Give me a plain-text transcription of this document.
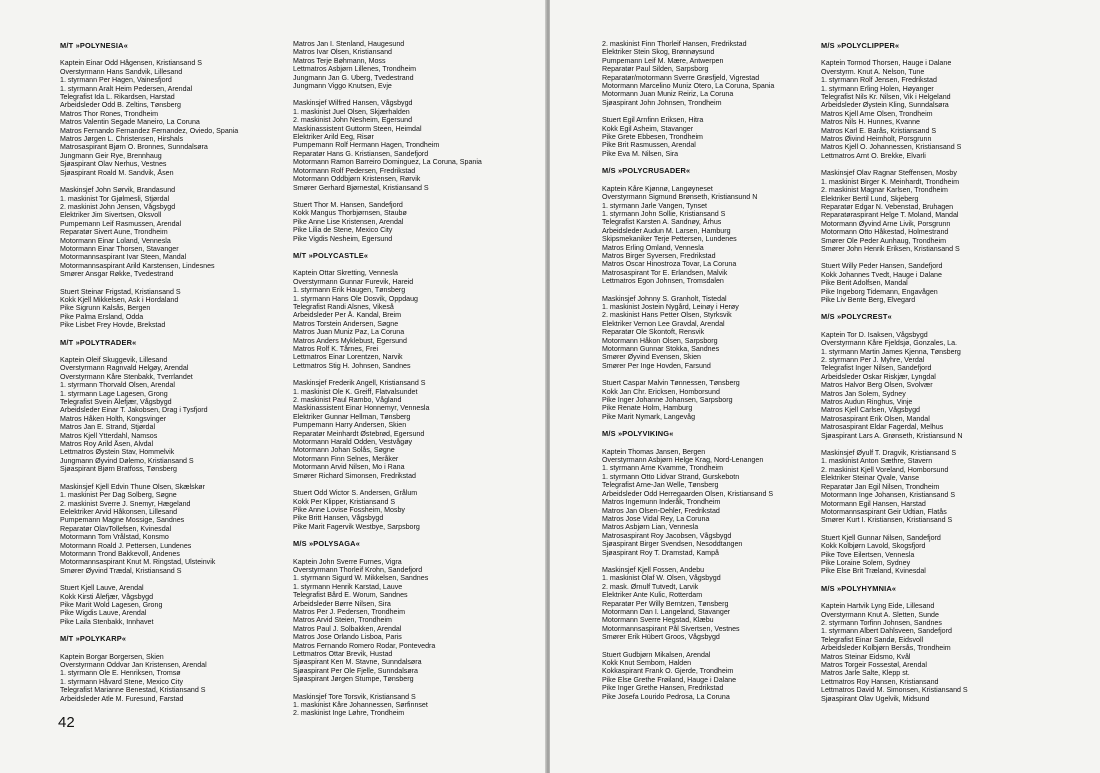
M/T »POLYNESIA«
Kaptein Einar Odd Hågensen, Kristiansand S
Overstyrmann Hans Sandvik, Lillesand
1. styrmann Per Hagen, Vainesfjord
1. styrmann Aralt Heim Pedersen, Arendal
Telegrafist Ida L. Rikardsen, Harstad
Arbeidsleder Odd B. Zeltins, Tønsberg
Matros Thor Rones, Trondheim
Matros Valentin Segade Maneiro, La Coruna
Matros Fernando Fernandez Fernandez, Oviedo, Spania
Matros Jørgen L. Christensen, Hirshals
Matrosaspirant Bjørn O. Bronnes, Sunndalsøra
Jungmann Geir Rye, Brennhaug
Sjøaspirant Olav Nerhus, Vestnes
Sjøaspirant Roald M. Sandvik, Åsen
Maskinsjef John Sørvik, Brandasund
1. maskinist Tor Gjølmesli, Stjørdal
2. maskinist John Jensen, Vågsbygd
Elektriker Jim Sivertsen, Oksvoll
Pumpemann Leif Rasmussen, Arendal
Reparatør Sivert Aune, Trondheim
Motormann Einar Loland, Vennesla
Motormann Einar Thorsen, Stavanger
Motormannsaspirant Ivar Steen, Mandal
Motormannsaspirant Arild Karstensen, Lindesnes
Smører Ansgar Røkke, Tvedestrand
Stuert Steinar Frigstad, Kristiansand S
Kokk Kjell Mikkelsen, Ask i Hordaland
Pike Sigrunn Kalsås, Bergen
Pike Palma Ersland, Odda
Pike Lisbet Frey Hovde, Brekstad
M/T »POLYTRADER«
Kaptein Oleif Skuggevik, Lillesand
Overstyrmann Ragnvald Helgøy, Arendal
Overstyrmann Kåre Stenbakk, Tverrlandet
1. styrmann Thorvald Olsen, Arendal
1. styrmann Lage Lagesen, Grong
Telegrafist Svein Ålefjær, Vågsbygd
Arbeidsleder Einar T. Jakobsen, Drag i Tysfjord
Matros Håken Holth, Kongsvinger
Matros Jan E. Strand, Stjørdal
Matros Kjell Ytterdahl, Namsos
Matros Roy Arild Åsen, Alvdal
Lettmatros Øystein Stav, Hommelvik
Jungmann Øyvind Dølemo, Kristiansand S
Sjøaspirant Bjørn Bratfoss, Tønsberg
Maskinsjef Kjell Edvin Thune Olsen, Skælskør
1. maskinist Per Dag Solberg, Søgne
2. maskinist Sverre J. Snemyr, Hægeland
Eelektriker Arvid Håkonsen, Lillesand
Pumpemann Magne Mossige, Sandnes
Reparatør OlavTollefsen, Kvinesdal
Motormann Tom Vrålstad, Konsmo
Motormann Roald J. Pettersen, Lundenes
Motormann Trond Bakkevoll, Andenes
Motormannsaspirant Knut M. Ringstad, Ulsteinvik
Smører Øyvind Trædal, Kristiansand S
Stuert Kjell Lauve, Arendal
Kokk Kirsti Ålefjær, Vågsbygd
Pike Marit Wold Lagesen, Grong
Pike Wigdis Lauve, Arendal
Pike Laila Stenbakk, Innhavet
M/T »POLYKARP«
Kaptein Borgar Borgersen, Skien
Overstyrmann Oddvar Jan Kristensen, Arendal
1. styrmann Ole E. Henriksen, Tromsø
1. styrmann Håvard Stene, Mexico City
Telegrafist Marianne Benestad, Kristiansand S
Arbeidsleder Atle M. Furesund, Farstad
Matros Jan I. Stenland, Haugesund
Matros Ivar Olsen, Kristiansand
Matros Terje Bøhmann, Moss
Lettmatros Asbjørn Lillenes, Trondheim
Jungmann Jan G. Uberg, Tvedestrand
Jungmann Viggo Knutsen, Evje
Maskinsjef Wilfred Hansen, Vågsbygd
1. maskinist Juel Olsen, Skjærhalden
2. maskinist John Nesheim, Egersund
Maskinassistent Guttorm Steen, Heimdal
Elektriker Arild Eeg, Risør
Pumpemann Rolf Hermann Hagen, Trondheim
Reparatør Hans G. Kristiansen, Sandefjord
Motormann Ramon Barreiro Dominguez, La Coruna, Spania
Motormann Rolf Pedersen, Fredrikstad
Motormann Oddbjørn Kristensen, Rørvik
Smører Gerhard Bjørnestøl, Kristiansand S
Stuert Thor M. Hansen, Sandefjord
Kokk Mangus Thorbjørnsen, Staubø
Pike Anne Lise Kristensen, Arendal
Pike Lilia de Stene, Mexico City
Pike Vigdis Nesheim, Egersund
M/T »POLYCASTLE«
Kaptein Ottar Skretting, Vennesla
Overstyrmann Gunnar Furevik, Hareid
1. styrmann Erik Haugen, Tønsberg
1. styrmann Hans Ole Dosvik, Oppdaug
Telegrafist Randi Alsnes, Vikeså
Arbeidsleder Per Å. Kandal, Breim
Matros Torstein Andersen, Søgne
Matros Juan Muniz Paz, La Coruna
Matros Anders Myklebust, Egersund
Matros Rolf K. Tårnes, Frei
Lettmatros Einar Lorentzen, Narvik
Lettmatros Stig H. Johnsen, Sandnes
Maskinsjef Frederik Angell, Kristiansand S
1. maskinist Ole K. Greiff, Flatvalsundet
2. maskinist Paul Rambo, Vågland
Maskinassistent Einar Honnemyr, Vennesla
Elektriker Gunnar Hellman, Tønsberg
Pumpemann Harry Andersen, Skien
Reparatør Meinhardt Østebrød, Egersund
Motormann Harald Odden, Vestvågøy
Motormann Johan Solås, Søgne
Motormann Finn Selnes, Meråker
Motormann Arvid Nilsen, Mo i Rana
Smører Richard Simonsen, Fredrikstad
Stuert Odd Wictor S. Andersen, Grålum
Kokk Per Klipper, Kristiansand S
Pike Anne Lovise Fossheim, Mosby
Pike Britt Hansen, Vågsbygd
Pike Marit Fagervik Westbye, Sarpsborg
M/S »POLYSAGA«
Kaptein John Sverre Furnes, Vigra
Overstyrmann Thorleif Krohn, Sandefjord
1. styrmann Sigurd W. Mikkelsen, Sandnes
1. styrmann Henrik Karstad, Lauve
Telegrafist Bård E. Worum, Sandnes
Arbeidsleder Børre Nilsen, Sira
Matros Per J. Pedersen, Trondheim
Matros Arvid Steien, Trondheim
Matros Paul J. Solbakken, Arendal
Matros Jose Orlando Lisboa, Paris
Matros Fernando Romero Rodar, Pontevedra
Lettmatros Ottar Brevik, Hustad
Sjøaspirant Ken M. Stavne, Sunndalsøra
Sjøaspirant Per Ole Fjelle, Sunndalsøra
Sjøaspirant Jørgen Stumpe, Tønsberg
Maskinsjef Tore Torsvik, Kristiansand S
1. maskinist Kåre Johannessen, Sørfinnset
2. maskinist Inge Løhre, Trondheim
42
2. maskinist Finn Thorleif Hansen, Fredrikstad
Elektriker Stein Skog, Brønnøysund
Pumpemann Leif M. Mære, Antwerpen
Reparatør Paul Silden, Sarpsborg
Reparatør/motormann Sverre Grøsfjeld, Vigrestad
Motormann Marcelino Muniz Otero, La Coruna, Spania
Motormann Juan Muniz Reiriz, La Coruna
Sjøaspirant John Johnsen, Trondheim
Stuert Egil Arnfinn Eriksen, Hitra
Kokk Egil Asheim, Stavanger
Pike Grete Ebbesen, Trondheim
Pike Brit Rasmussen, Arendal
Pike Eva M. Nilsen, Sira
M/S »POLYCRUSADER«
Kaptein Kåre Kjønnø, Langøyneset
Overstyrmann Sigmund Brønseth, Kristiansund N
1. styrmann Jarle Vangen, Tynset
1. styrmann John Sollie, Kristiansand S
Telegrafist Karsten A. Sandnøy, Århus
Arbeidsleder Audun M. Larsen, Hamburg
Skipsmekaniker Terje Pettersen, Lundenes
Matros Erling Omland, Vennesla
Matros Birger Syversen, Fredrikstad
Matros Oscar Hinostroza Tovar, La Coruna
Matrosaspirant Tor E. Erlandsen, Malvik
Lettmatros Egon Johnsen, Tromsdalen
Maskinsjef Johnny S. Granholt, Tistedal
1. maskinist Jostein Nygård, Leinøy i Herøy
2. maskinist Hans Petter Olsen, Styrksvik
Elektriker Vernon Lee Gravdal, Arendal
Reparatør Ole Skontoft, Rensvik
Motormann Håkon Olsen, Sarpsborg
Motormann Gunnar Stokka, Sandnes
Smører Øyvind Evensen, Skien
Smører Per Inge Hovden, Farsund
Stuert Caspar Malvin Tønnessen, Tønsberg
Kokk Jan Chr. Ericksen, Homborsund
Pike Inger Johanne Johansen, Sarpsborg
Pike Renate Holm, Hamburg
Pike Marit Nymark, Langevåg
M/S »POLYVIKING«
Kaptein Thomas Jansen, Bergen
Overstyrmann Asbjørn Helge Krag, Nord-Lenangen
1. styrmann Arne Kvamme, Trondheim
1. styrmann Otto Lidvar Strand, Gurskebotn
Telegrafist Arne-Jan Welle, Tønsberg
Arbeidsleder Odd Herregaarden Olsen, Kristiansand S
Matros Ingemunn Inderåk, Trondheim
Matros Jan Olsen-Dehler, Fredrikstad
Matros Jose Vidal Rey, La Coruna
Matros Asbjørn Lian, Vennesla
Matrosaspirant Roy Jacobsen, Vågsbygd
Sjøaspirant Birger Svendsen, Nesoddtangen
Sjøaspirant Roy T. Dramstad, Kampå
Maskinsjef Kjell Fossen, Andebu
1. maskinist Olaf W. Olsen, Vågsbygd
2. mask. Ørnulf Tutvedt, Larvik
Elektriker Ante Kulic, Rotterdam
Reparatør Per Willy Berntzen, Tønsberg
Motormann Dan I. Langeland, Stavanger
Motormann Sverre Hegstad, Klæbu
Motormannsaspirant Pål Sivertsen, Vestnes
Smører Erik Hübert Groos, Vågsbygd
Stuert Gudbjørn Mikalsen, Arendal
Kokk Knut Sembom, Halden
Kokkaspirant Frank O. Gjerde, Trondheim
Pike Else Grethe Frøiland, Hauge i Dalane
Pike Inger Grethe Hansen, Fredrikstad
Pike Josefa Lourido Pedrosa, La Coruna
M/S »POLYCLIPPER«
Kaptein Tormod Thorsen, Hauge i Dalane
Overstyrm. Knut A. Nelson, Tune
1. styrmann Rolf Jensen, Fredrikstad
1. styrmann Erling Holen, Høyanger
Telegrafist Nils Kr. Nilsen, Vik i Helgeland
Arbeidsleder Øystein Kling, Sunndalsøra
Matros Kjell Arne Olsen, Trondheim
Matros Nils H. Hunnes, Kvanne
Matros Karl E. Barås, Kristiansand S
Matros Øivind Heimholt, Porsgrunn
Matros Kjell O. Johannessen, Kristiansand S
Lettmatros Arnt O. Brekke, Elvarli
Maskinsjef Olav Ragnar Steffensen, Mosby
1. maskinist Birger K. Meinhardt, Trondheim
2. maskinist Magnar Karlsen, Trondheim
Elektriker Bertil Lund, Skjeberg
Reparatør Edgar N. Vebenstad, Bruhagen
Reparatøraspirant Helge T. Moland, Mandal
Motormann Øyvind Arne Livik, Porsgrunn
Motormann Otto Håkestad, Holmestrand
Smører Ole Peder Aunhaug, Trondheim
Smører John Henrik Eriksen, Kristiansand S
Stuert Willy Peder Hansen, Sandefjord
Kokk Johannes Tvedt, Hauge i Dalane
Pike Berit Adolfsen, Mandal
Pike Ingeborg Tidemann, Engavågen
Pike Liv Bente Berg, Elvegard
M/S »POLYCREST«
Kaptein Tor D. Isaksen, Vågsbygd
Overstyrmann Kåre Fjeldsjø, Gonzales, La.
1. styrmann Martin James Kjenna, Tønsberg
2. styrmann Per J. Myhre, Verdal
Telegrafist Inger Nilsen, Sandefjord
Arbeidsleder Oskar Riskjær, Lyngdal
Matros Halvor Berg Olsen, Svolvær
Matros Jan Solem, Sydney
Matros Audun Ringhus, Vinje
Matros Kjell Carlsen, Vågsbygd
Matrosaspirant Erik Olsen, Mandal
Matrosaspirant Eldar Fagerdal, Melhus
Sjøaspirant Lars A. Grønseth, Kristiansund N
Maskinsjef Øyulf T. Dragvik, Kristiansand S
1. maskinist Anton Sæthre, Stavern
2. maskinist Kjell Voreland, Homborsund
Elektriker Steinar Qvale, Vanse
Reparatør Jan Egil Nilsen, Trondheim
Motormann Inge Johansen, Kristiansand S
Motormann Egil Hansen, Harstad
Motormannsaspirant Geir Udtian, Flatås
Smører Kurt I. Kristiansen, Kristiansand S
Stuert Kjell Gunnar Nilsen, Sandefjord
Kokk Kolbjørn Lavold, Skogsfjord
Pike Tove Eilertsen, Vennesla
Pike Loraine Solem, Sydney
Pike Else Brit Træland, Kvinesdal
M/S »POLYHYMNIA«
Kaptein Hartvik Lyng Eide, Lillesand
Overstyrmann Knut A. Sletten, Sunde
2. styrmann Torfinn Johnsen, Sandnes
1. styrmann Albert Dahlsveen, Sandefjord
Telegrafist Einar Sandø, Eidsvoll
Arbeidsleder Kolbjørn Bersås, Trondheim
Matros Steinar Eidsmo, Kvål
Matros Torgeir Fossestøl, Arendal
Matros Jarle Salte, Klepp st.
Lettmatros Roy Hansen, Kristiansand
Lettmatros David M. Simonsen, Kristiansand S
Sjøaspirant Olav Ugelvik, Midsund
